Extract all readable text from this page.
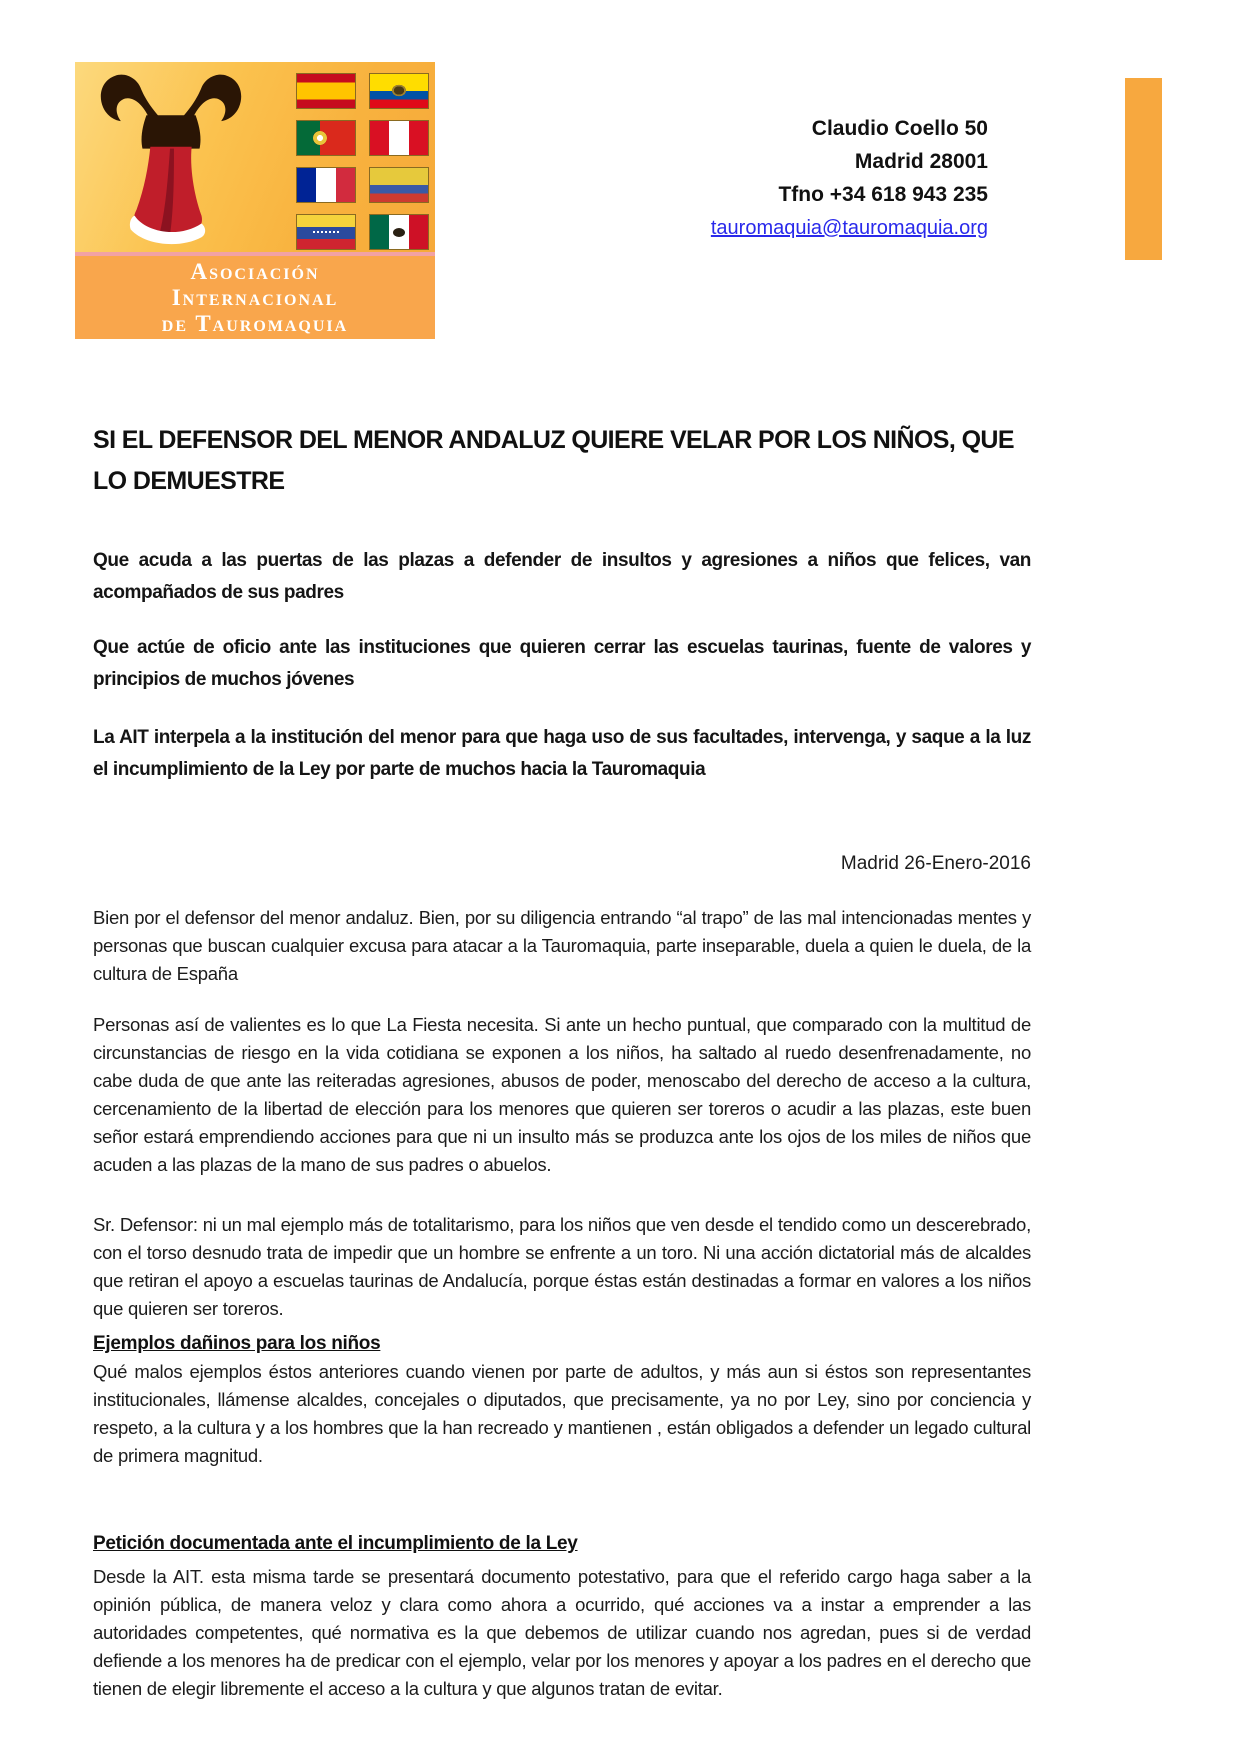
Asociación
Internacional
de Tauromaquia
Claudio Coello 50
Madrid 28001
Tfno +34 618 943 235
tauromaquia@tauromaquia.org
SI EL DEFENSOR DEL MENOR ANDALUZ QUIERE VELAR POR LOS NIÑOS, QUE LO DEMUESTRE

Que acuda a las puertas de las plazas a defender de insultos y agresiones a niños que felices, van acompañados de sus padres

Que actúe de oficio ante las instituciones que quieren cerrar las escuelas taurinas, fuente de valores y principios de muchos jóvenes

La AIT interpela a la institución del menor para que haga uso de sus facultades, intervenga, y saque a la luz el incumplimiento de la Ley por parte de muchos hacia la Tauromaquia

Madrid 26-Enero-2016

Bien por el defensor del menor andaluz. Bien, por su diligencia entrando “al trapo” de las mal intencionadas mentes y personas que buscan cualquier excusa para atacar a la Tauromaquia, parte inseparable, duela a quien le duela, de la cultura de España

Personas así de valientes es lo que La Fiesta necesita. Si ante un hecho puntual, que comparado con la multitud de circunstancias de riesgo en la vida cotidiana se exponen a los niños, ha saltado al ruedo desenfrenadamente, no cabe duda de que ante las reiteradas agresiones, abusos de poder, menoscabo del derecho de acceso a la cultura, cercenamiento de la libertad de elección para los menores que quieren ser toreros o acudir a las plazas, este buen señor estará emprendiendo acciones para que ni un insulto más se produzca ante los ojos de los miles de niños que acuden a las plazas de la mano de sus padres o abuelos.

Sr. Defensor: ni un mal ejemplo más de totalitarismo, para los niños que ven desde el tendido como un descerebrado, con el torso desnudo trata de impedir que un hombre se enfrente a un toro. Ni una acción dictatorial más de alcaldes que retiran el apoyo a escuelas taurinas de Andalucía, porque éstas están destinadas a formar en valores a los niños que quieren ser toreros.

Ejemplos dañinos para los niños

Qué malos ejemplos éstos anteriores cuando vienen por parte de adultos, y más aun si éstos son representantes institucionales, llámense alcaldes, concejales o diputados, que precisamente, ya no por Ley, sino por conciencia y respeto, a la cultura y a los hombres que la han recreado y mantienen , están obligados a defender un legado cultural de primera magnitud.

Petición documentada ante el incumplimiento de la Ley

Desde la AIT. esta misma tarde se presentará documento potestativo, para que el referido cargo haga saber a la opinión pública, de manera veloz y clara como ahora a ocurrido, qué acciones va a instar a emprender a las autoridades competentes, qué normativa es la que debemos de utilizar cuando nos agredan, pues si de verdad defiende a los menores ha de predicar con el ejemplo, velar por los menores y apoyar a los padres en el derecho que tienen de elegir libremente el acceso a la cultura y que algunos tratan de evitar.
